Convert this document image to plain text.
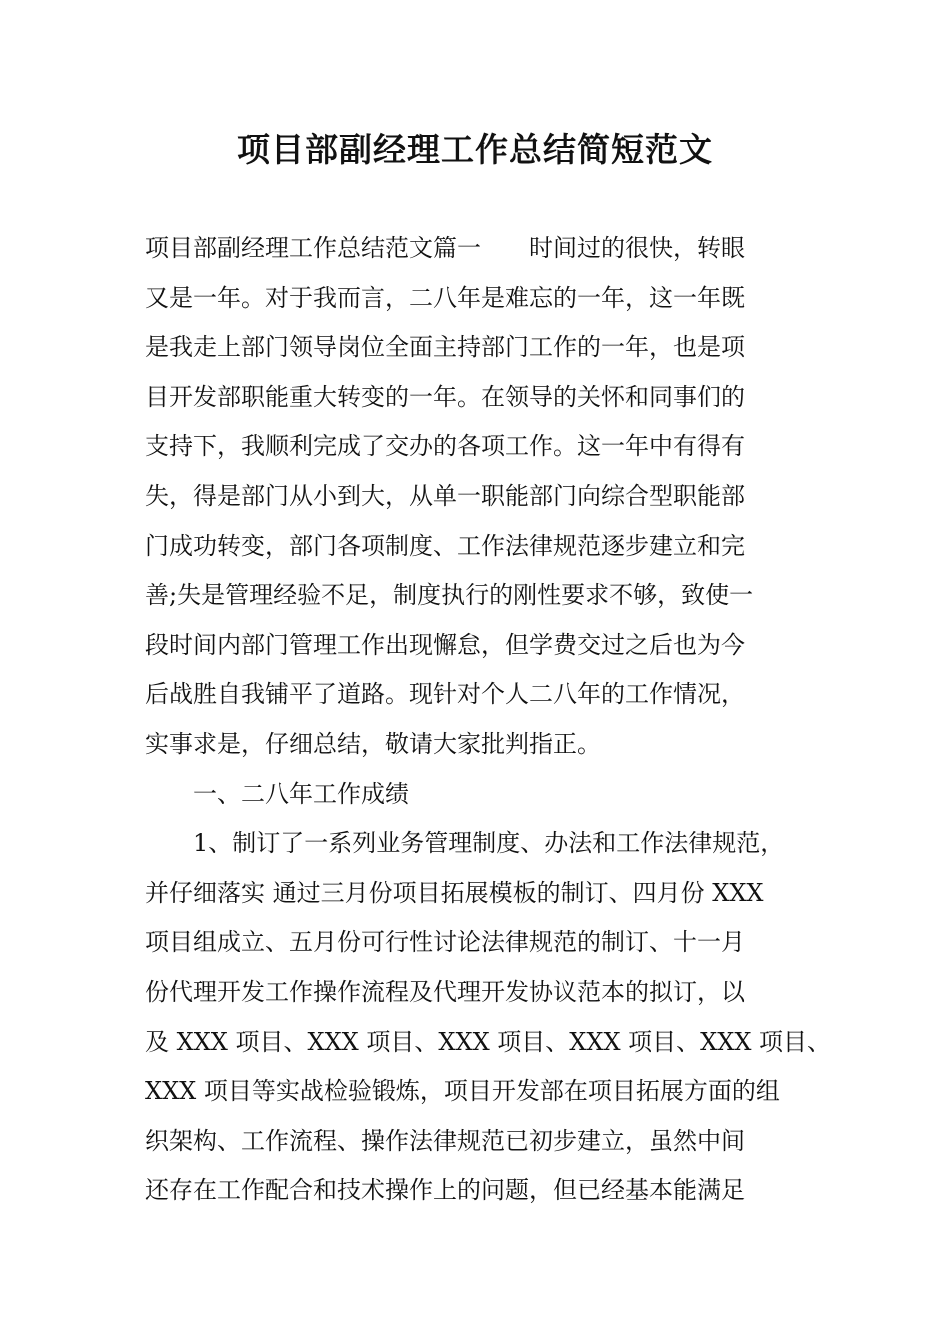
项目部副经理工作总结简短范文
项目部副经理工作总结范文篇一　　时间过的很快，转眼
又是一年。对于我而言，二八年是难忘的一年，这一年既
是我走上部门领导岗位全面主持部门工作的一年，也是项
目开发部职能重大转变的一年。在领导的关怀和同事们的
支持下，我顺利完成了交办的各项工作。这一年中有得有
失，得是部门从小到大，从单一职能部门向综合型职能部
门成功转变，部门各项制度、工作法律规范逐步建立和完
善;失是管理经验不足，制度执行的刚性要求不够，致使一
段时间内部门管理工作出现懈怠，但学费交过之后也为今
后战胜自我铺平了道路。现针对个人二八年的工作情况，
实事求是，仔细总结，敬请大家批判指正。
一、二八年工作成绩
1、制订了一系列业务管理制度、办法和工作法律规范，
并仔细落实 通过三月份项目拓展模板的制订、四月份 XXX
项目组成立、五月份可行性讨论法律规范的制订、十一月
份代理开发工作操作流程及代理开发协议范本的拟订，以
及 XXX 项目、XXX 项目、XXX 项目、XXX 项目、XXX 项目、
XXX 项目等实战检验锻炼，项目开发部在项目拓展方面的组
织架构、工作流程、操作法律规范已初步建立，虽然中间
还存在工作配合和技术操作上的问题，但已经基本能满足
